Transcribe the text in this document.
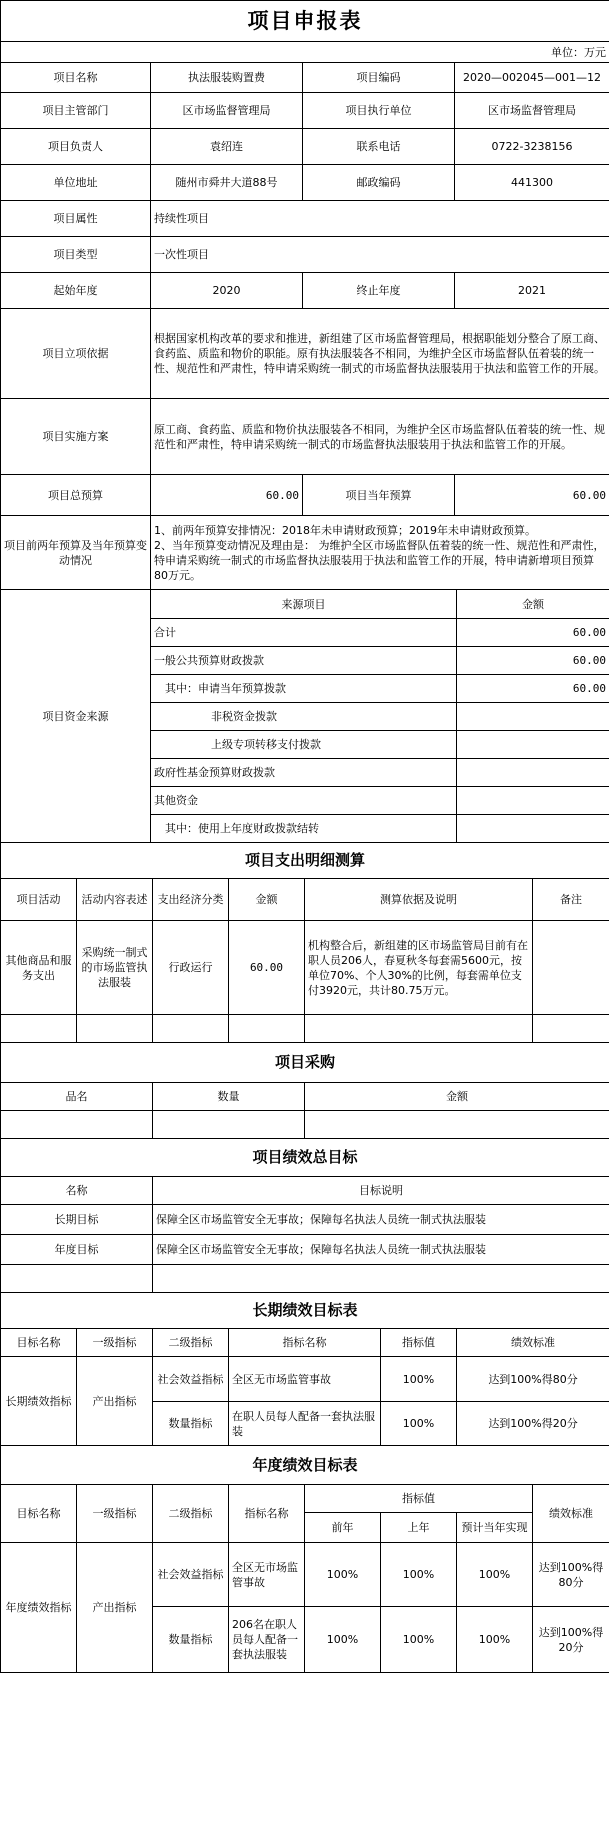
项目申报表			
单位：万元			
项目名称	执法服装购置费	项目编码	2020—002045—001—12
项目主管部门	区市场监督管理局	项目执行单位	区市场监督管理局
项目负责人	袁绍连	联系电话	0722-3238156
单位地址	随州市舜井大道88号	邮政编码	441300
项目属性	持续性项目		
项目类型	一次性项目		
起始年度	2020	终止年度	2021
项目立项依据	根据国家机构改革的要求和推进，新组建了区市场监督管理局，根据职能划分整合了原工商、食药监、质监和物价的职能。原有执法服装各不相同，为维护全区市场监督队伍着装的统一性、规范性和严肃性，特申请采购统一制式的市场监督执法服装用于执法和监管工作的开展。		
项目实施方案	原工商、食药监、质监和物价执法服装各不相同，为维护全区市场监督队伍着装的统一性、规范性和严肃性，特申请采购统一制式的市场监督执法服装用于执法和监管工作的开展。		
项目总预算	60.00	项目当年预算	60.00
项目前两年预算及当年预算变动情况	1、前两年预算安排情况：2018年未申请财政预算；2019年未申请财政预算。
2、当年预算变动情况及理由是： 为维护全区市场监督队伍着装的统一性、规范性和严肃性，特申请采购统一制式的市场监督执法服装用于执法和监管工作的开展，特申请新增项目预算80万元。		
项目资金来源	来源项目	金额
	合计	60.00
	一般公共预算财政拨款	60.00
	其中：申请当年预算拨款	60.00
	非税资金拨款	
	上级专项转移支付拨款	
	政府性基金预算财政拨款	
	其他资金	
	其中：使用上年度财政拨款结转	
项目支出明细测算					
项目活动	活动内容表述	支出经济分类	金额	测算依据及说明	备注
其他商品和服务支出	采购统一制式的市场监管执法服装	行政运行	60.00	机构整合后，新组建的区市场监管局目前有在职人员206人，春夏秋冬每套需5600元，按单位70%、个人30%的比例，每套需单位支付3920元，共计80.75万元。	

项目采购		
品名	数量	金额

项目绩效总目标	
名称	目标说明
长期目标	保障全区市场监管安全无事故；保障每名执法人员统一制式执法服装
年度目标	保障全区市场监管安全无事故；保障每名执法人员统一制式执法服装

长期绩效目标表					
目标名称	一级指标	二级指标	指标名称	指标值	绩效标准
长期绩效指标	产出指标	社会效益指标	全区无市场监管事故	100%	达到100%得80分
		数量指标	在职人员每人配备一套执法服装	100%	达到100%得20分
年度绩效目标表							
目标名称	一级指标	二级指标	指标名称	指标值			绩效标准
				前年	上年	预计当年实现	
年度绩效指标	产出指标	社会效益指标	全区无市场监管事故	100%	100%	100%	达到100%得80分
		数量指标	206名在职人员每人配备一套执法服装	100%	100%	100%	达到100%得20分
